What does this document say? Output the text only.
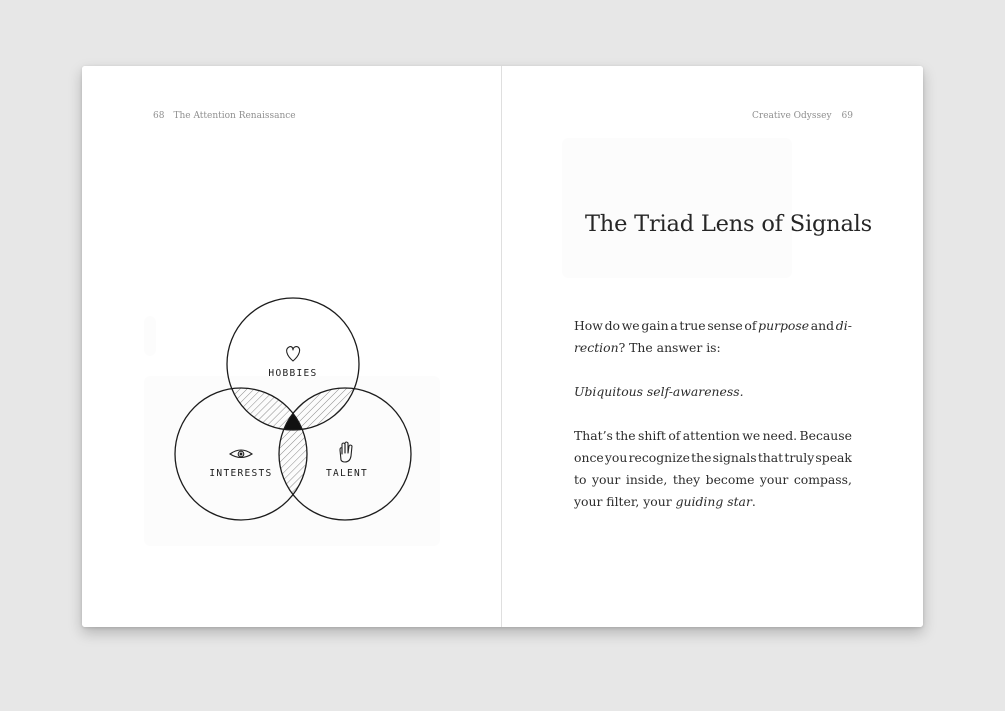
68 The Attention Renaissance
HOBBIES
INTERESTS	TALENT
Creative Odyssey 69
The Triad Lens of Signals
How do we gain a true sense of purpose and di-
rection? The answer is:
Ubiquitous self-awareness.
That’s the shift of attention we need. Because
once you recognize the signals that truly speak
to your inside, they become your compass,
your filter, your guiding star.
